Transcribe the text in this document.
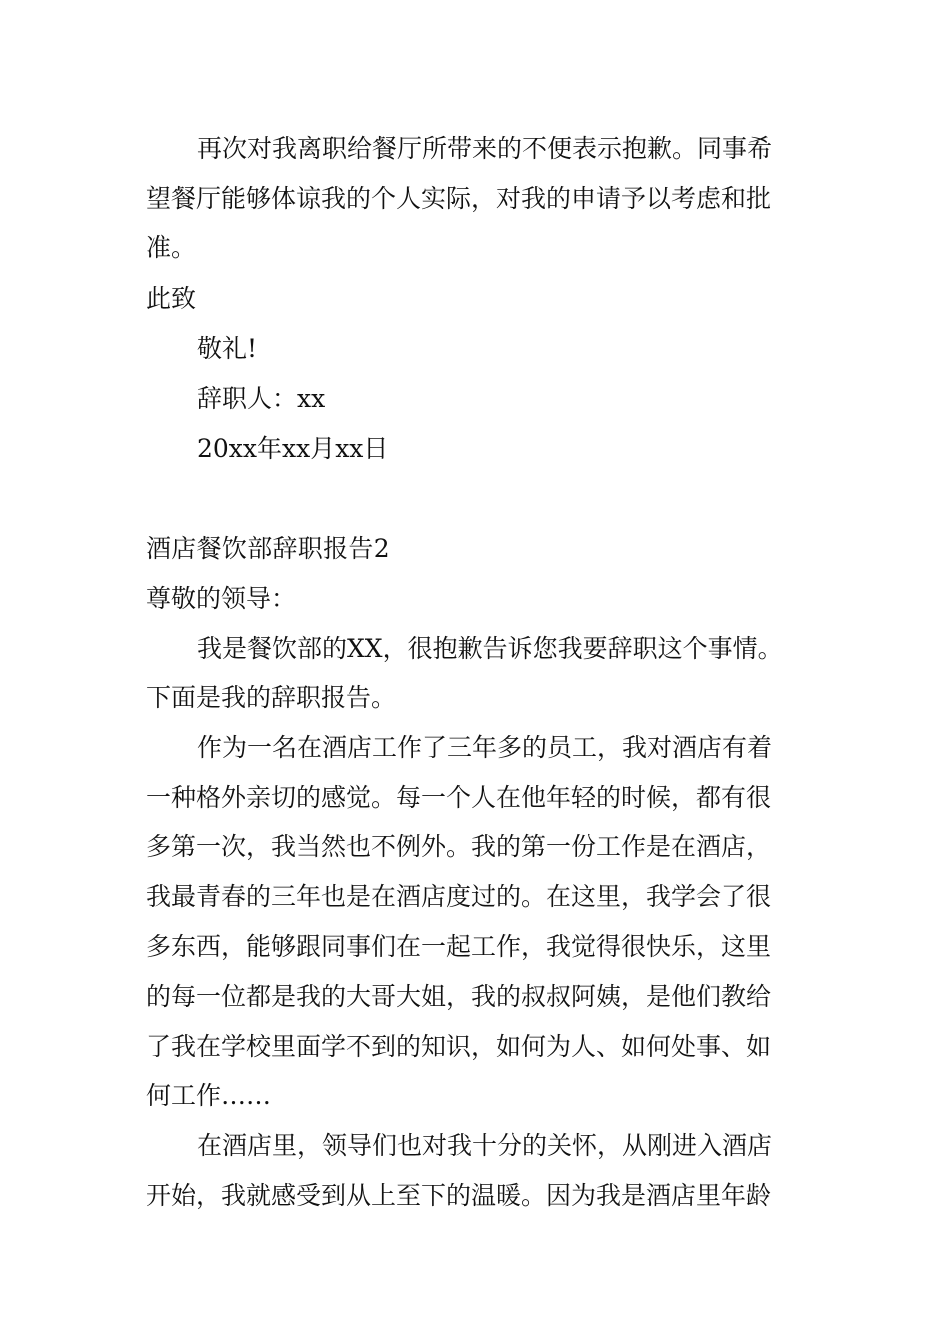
再次对我离职给餐厅所带来的不便表示抱歉。同事希
望餐厅能够体谅我的个人实际，对我的申请予以考虑和批
准。
此致
敬礼!
辞职人：xx
20xx年xx月xx日
酒店餐饮部辞职报告2
尊敬的领导：
我是餐饮部的XX，很抱歉告诉您我要辞职这个事情。
下面是我的辞职报告。
作为一名在酒店工作了三年多的员工，我对酒店有着
一种格外亲切的感觉。每一个人在他年轻的时候，都有很
多第一次，我当然也不例外。我的第一份工作是在酒店，
我最青春的三年也是在酒店度过的。在这里，我学会了很
多东西，能够跟同事们在一起工作，我觉得很快乐，这里
的每一位都是我的大哥大姐，我的叔叔阿姨，是他们教给
了我在学校里面学不到的知识，如何为人、如何处事、如
何工作……
在酒店里，领导们也对我十分的关怀，从刚进入酒店
开始，我就感受到从上至下的温暖。因为我是酒店里年龄
